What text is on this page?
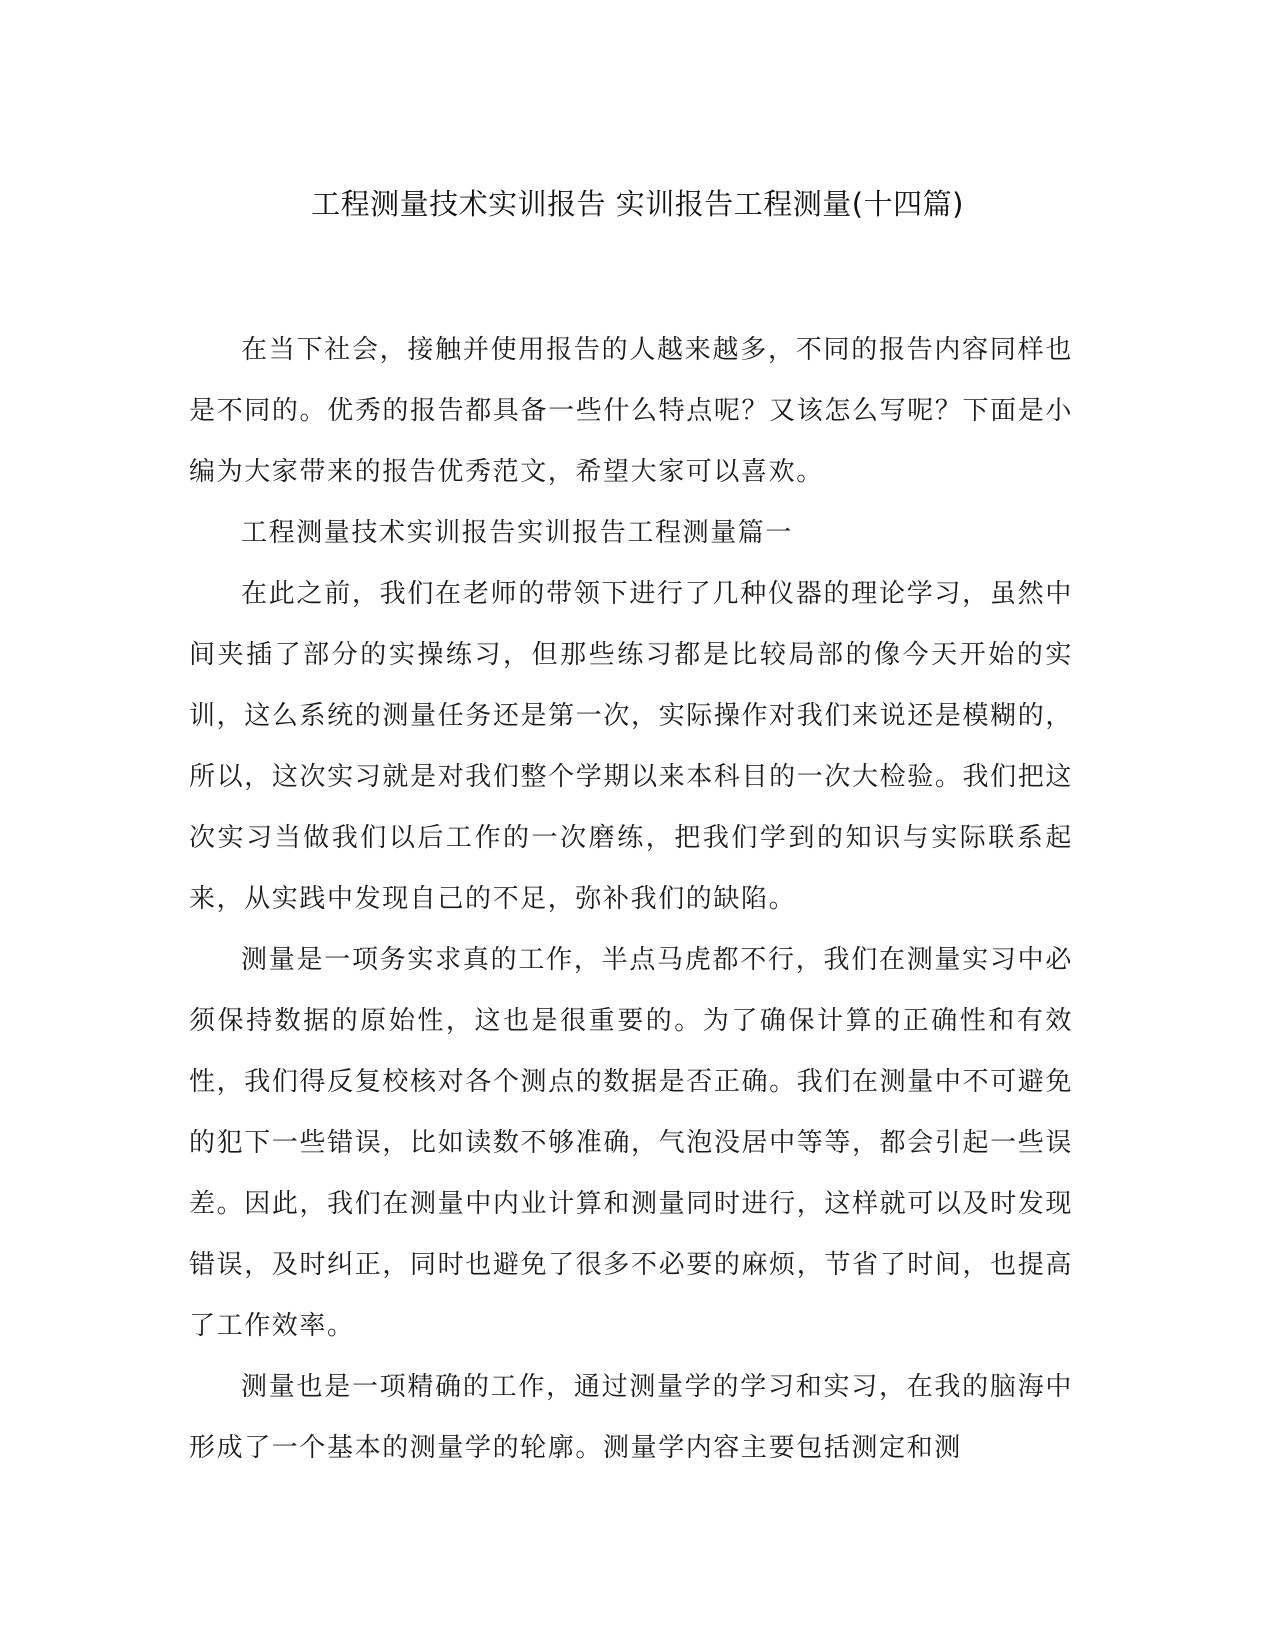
工程测量技术实训报告 实训报告工程测量(十四篇)

在当下社会，接触并使用报告的人越来越多，不同的报告内容同样也是不同的。优秀的报告都具备一些什么特点呢？又该怎么写呢？下面是小编为大家带来的报告优秀范文，希望大家可以喜欢。

工程测量技术实训报告实训报告工程测量篇一

在此之前，我们在老师的带领下进行了几种仪器的理论学习，虽然中间夹插了部分的实操练习，但那些练习都是比较局部的像今天开始的实训，这么系统的测量任务还是第一次，实际操作对我们来说还是模糊的，所以，这次实习就是对我们整个学期以来本科目的一次大检验。我们把这次实习当做我们以后工作的一次磨练，把我们学到的知识与实际联系起来，从实践中发现自己的不足，弥补我们的缺陷。

测量是一项务实求真的工作，半点马虎都不行，我们在测量实习中必须保持数据的原始性，这也是很重要的。为了确保计算的正确性和有效性，我们得反复校核对各个测点的数据是否正确。我们在测量中不可避免的犯下一些错误，比如读数不够准确，气泡没居中等等，都会引起一些误差。因此，我们在测量中内业计算和测量同时进行，这样就可以及时发现错误，及时纠正，同时也避免了很多不必要的麻烦，节省了时间，也提高了工作效率。

测量也是一项精确的工作，通过测量学的学习和实习，在我的脑海中形成了一个基本的测量学的轮廓。测量学内容主要包括测定和测
